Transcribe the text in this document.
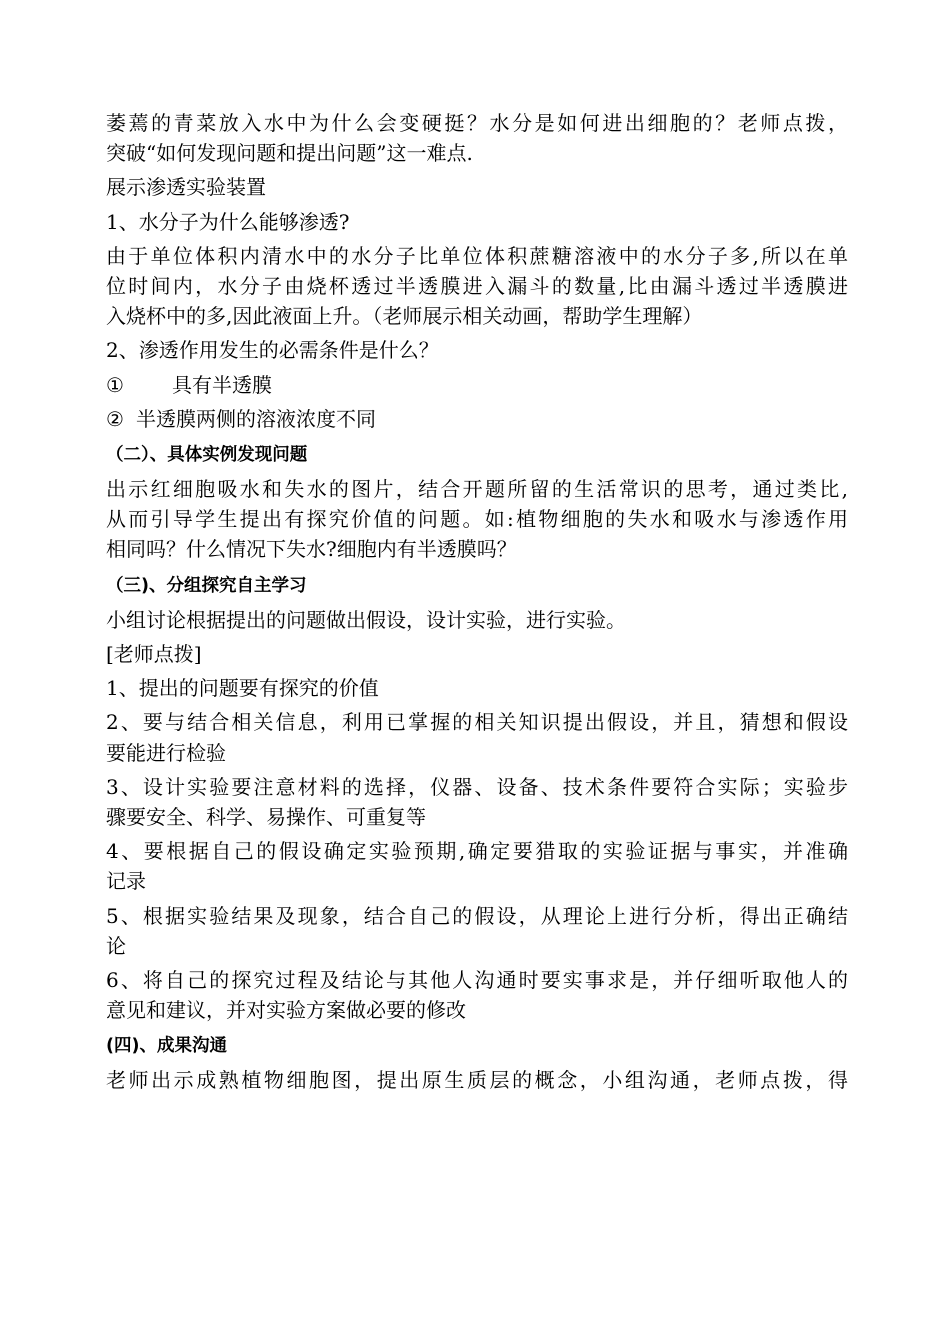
萎蔫的青菜放入水中为什么会变硬挺？水分是如何进出细胞的？老师点拨，
突破“如何发现问题和提出问题”这一难点.
展示渗透实验装置
1、水分子为什么能够渗透?
由于单位体积内清水中的水分子比单位体积蔗糖溶液中的水分子多,所以在单
位时间内，水分子由烧杯透过半透膜进入漏斗的数量,比由漏斗透过半透膜进
入烧杯中的多,因此液面上升。（老师展示相关动画，帮助学生理解）
2、渗透作用发生的必需条件是什么？
① 具有半透膜
② 半透膜两侧的溶液浓度不同
（二）、具体实例发现问题
出示红细胞吸水和失水的图片，结合开题所留的生活常识的思考，通过类比,
从而引导学生提出有探究价值的问题。如:植物细胞的失水和吸水与渗透作用
相同吗？什么情况下失水?细胞内有半透膜吗？
（三)、分组探究自主学习
小组讨论根据提出的问题做出假设，设计实验，进行实验。
[老师点拨]
1、提出的问题要有探究的价值
2、要与结合相关信息，利用已掌握的相关知识提出假设，并且，猜想和假设
要能进行检验
3、设计实验要注意材料的选择，仪器、设备、技术条件要符合实际；实验步
骤要安全、科学、易操作、可重复等
4、要根据自己的假设确定实验预期,确定要猎取的实验证据与事实，并准确
记录
5、根据实验结果及现象，结合自己的假设，从理论上进行分析，得出正确结
论
6、将自己的探究过程及结论与其他人沟通时要实事求是，并仔细听取他人的
意见和建议，并对实验方案做必要的修改
(四)、成果沟通
老师出示成熟植物细胞图，提出原生质层的概念，小组沟通，老师点拨，得
